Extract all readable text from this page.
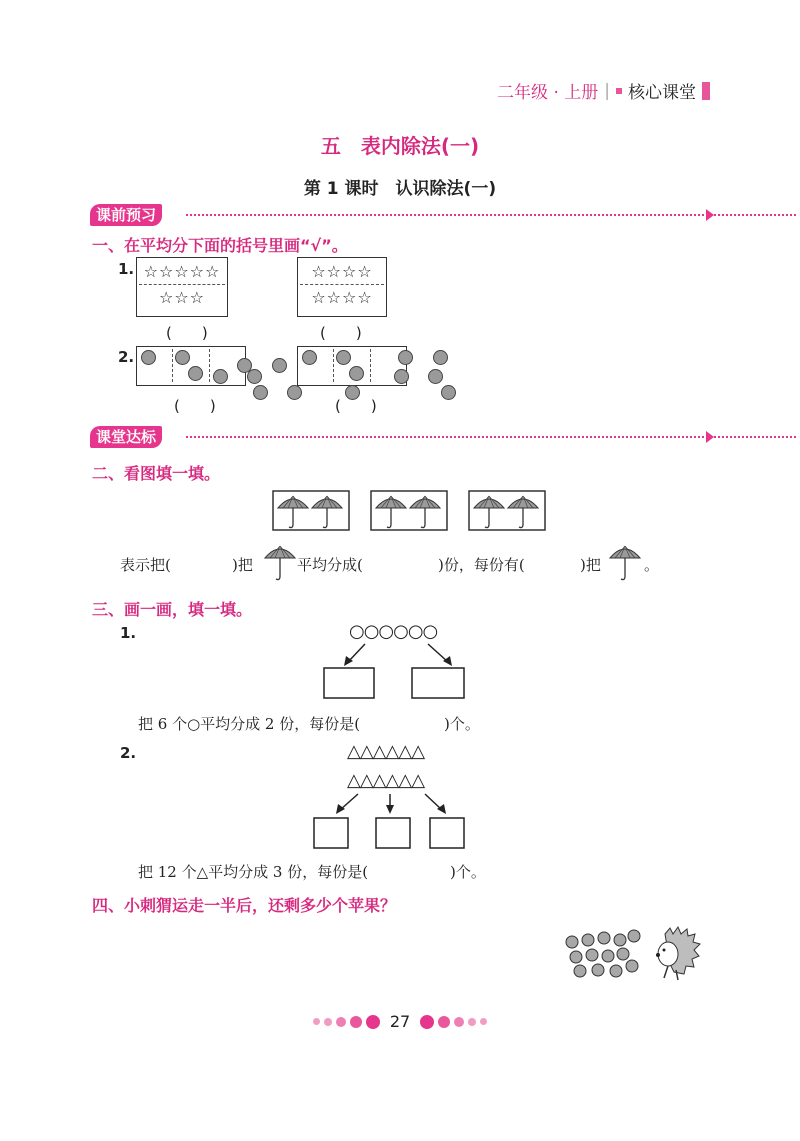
二年级 · 上册 | 核心课堂
五　表内除法(一)
第 1 课时　认识除法(一)
课前预习
一、在平均分下面的括号里画“√”。
1. ☆☆☆☆☆
☆☆☆
☆☆☆☆
☆☆☆☆
(　　)	(　　)
2.

(　　)	(　　)
课堂达标
二、看图填一填。
表示把(	)把	平均分成(	)份，每份有(	)把	。
三、画一画，填一填。
1.	○○○○○○
把 6 个○平均分成 2 份，每份是(	)个。
2.	△△△△△△
△△△△△△
把 12 个△平均分成 3 份，每份是(	)个。
四、小刺猬运走一半后，还剩多少个苹果？
27
